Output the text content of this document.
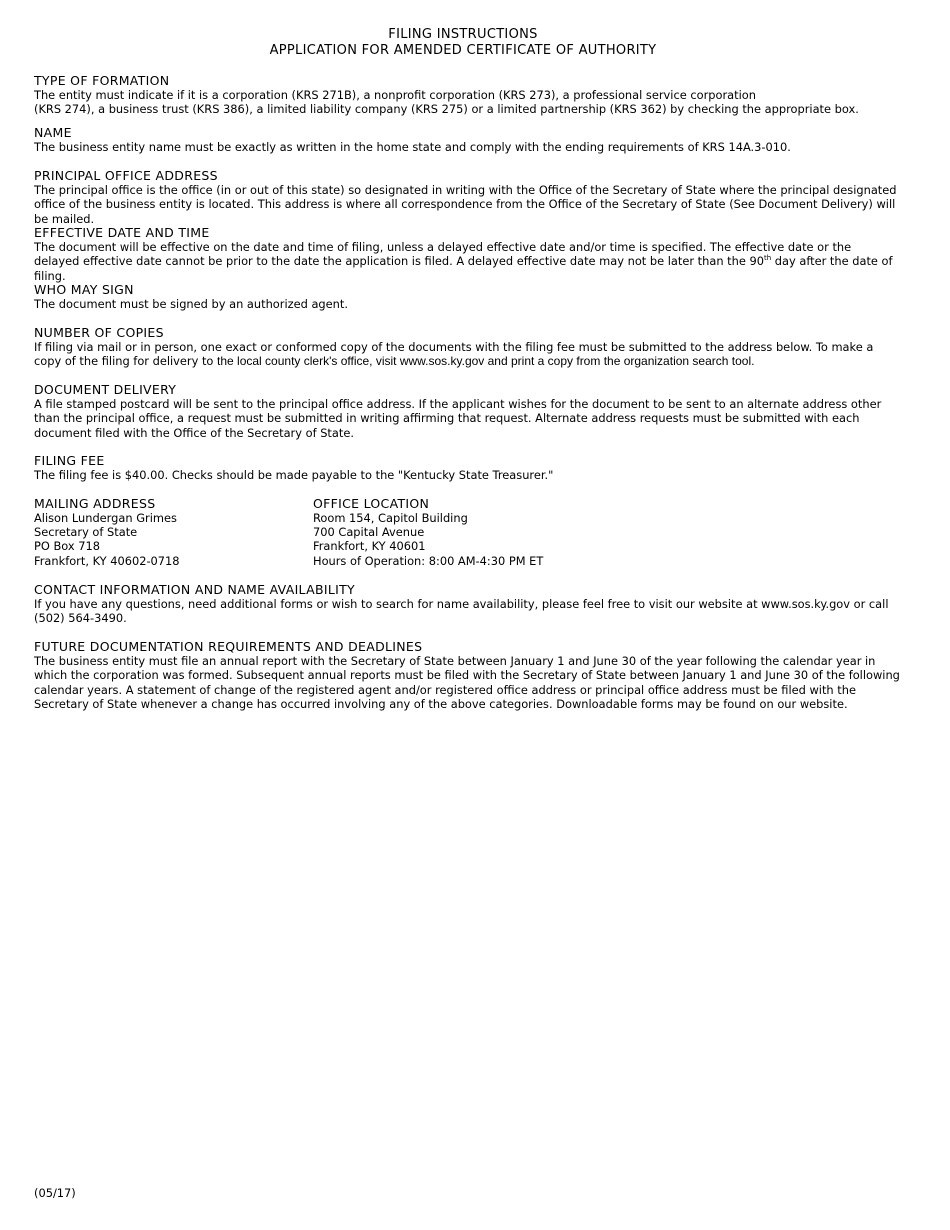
FILING INSTRUCTIONS
APPLICATION FOR AMENDED CERTIFICATE OF AUTHORITY
TYPE OF FORMATION
The entity must indicate if it is a corporation (KRS 271B), a nonprofit corporation (KRS 273), a professional service corporation
(KRS 274), a business trust (KRS 386), a limited liability company (KRS 275) or a limited partnership (KRS 362) by checking the appropriate box.
NAME
The business entity name must be exactly as written in the home state and comply with the ending requirements of KRS 14A.3-010.
PRINCIPAL OFFICE ADDRESS
The principal office is the office (in or out of this state) so designated in writing with the Office of the Secretary of State where the principal designated office of the business entity is located. This address is where all correspondence from the Office of the Secretary of State (See Document Delivery) will be mailed.
EFFECTIVE DATE AND TIME
The document will be effective on the date and time of filing, unless a delayed effective date and/or time is specified. The effective date or the delayed effective date cannot be prior to the date the application is filed. A delayed effective date may not be later than the 90th day after the date of filing.
WHO MAY SIGN
The document must be signed by an authorized agent.
NUMBER OF COPIES
If filing via mail or in person, one exact or conformed copy of the documents with the filing fee must be submitted to the address below. To make a copy of the filing for delivery to the local county clerk's office, visit www.sos.ky.gov and print a copy from the organization search tool.
DOCUMENT DELIVERY
A file stamped postcard will be sent to the principal office address. If the applicant wishes for the document to be sent to an alternate address other than the principal office, a request must be submitted in writing affirming that request. Alternate address requests must be submitted with each document filed with the Office of the Secretary of State.
FILING FEE
The filing fee is $40.00. Checks should be made payable to the "Kentucky State Treasurer."
MAILING ADDRESS
Alison Lundergan Grimes
Secretary of State
PO Box 718
Frankfort, KY 40602-0718
OFFICE LOCATION
Room 154, Capitol Building
700 Capital Avenue
Frankfort, KY 40601
Hours of Operation: 8:00 AM-4:30 PM ET
CONTACT INFORMATION AND NAME AVAILABILITY
If you have any questions, need additional forms or wish to search for name availability, please feel free to visit our website at www.sos.ky.gov or call (502) 564-3490.
FUTURE DOCUMENTATION REQUIREMENTS AND DEADLINES
The business entity must file an annual report with the Secretary of State between January 1 and June 30 of the year following the calendar year in which the corporation was formed. Subsequent annual reports must be filed with the Secretary of State between January 1 and June 30 of the following calendar years. A statement of change of the registered agent and/or registered office address or principal office address must be filed with the Secretary of State whenever a change has occurred involving any of the above categories. Downloadable forms may be found on our website.
(05/17)
